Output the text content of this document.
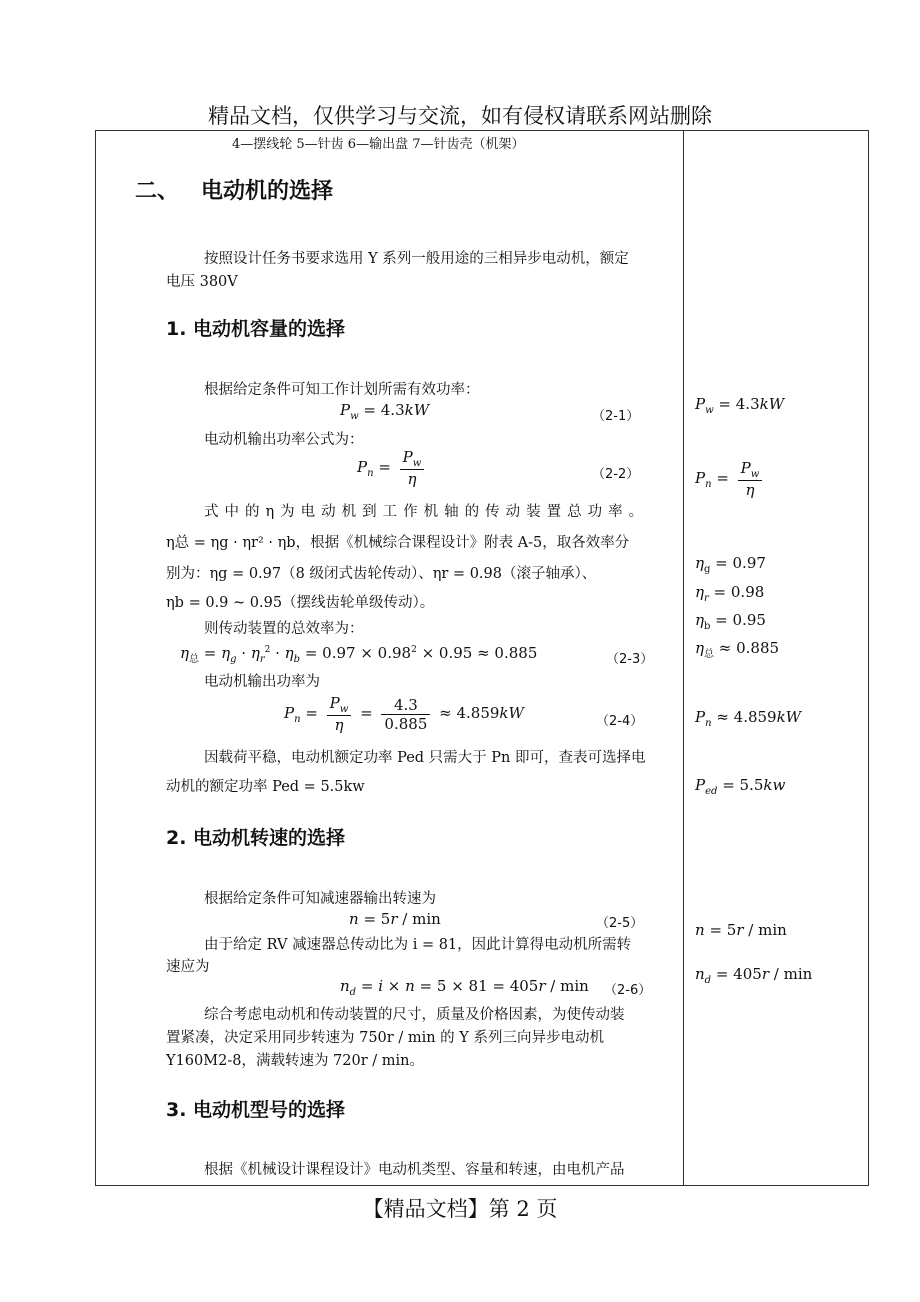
精品文档，仅供学习与交流，如有侵权请联系网站删除
4—摆线轮 5—针齿 6—输出盘 7—针齿壳（机架）
二、 电动机的选择
按照设计任务书要求选用 Y 系列一般用途的三相异步电动机，额定
电压 380V
1. 电动机容量的选择
根据给定条件可知工作计划所需有效功率：
$P_w = 4.3kW$	（2-1）
电动机输出功率公式为：
$P_n = \frac{P_w}{\eta}$	（2-2）
式中的η为电动机到工作机轴的传动装置总功率。
η总 = ηg · ηr² · ηb，根据《机械综合课程设计》附表 A-5，取各效率分
别为：ηg = 0.97（8 级闭式齿轮传动）、ηr = 0.98（滚子轴承）、
ηb = 0.9 ~ 0.95（摆线齿轮单级传动）。
则传动装置的总效率为：
$\eta_总 = \eta_g \cdot \eta_r^2 \cdot \eta_b = 0.97 \times 0.98^2 \times 0.95 \approx 0.885$	（2-3）
电动机输出功率为
$P_n = \frac{P_w}{\eta} = \frac{4.3}{0.885} \approx 4.859kW$	（2-4）
因载荷平稳，电动机额定功率 Ped 只需大于 Pn 即可，查表可选择电
动机的额定功率 Ped = 5.5kw
2. 电动机转速的选择
根据给定条件可知减速器输出转速为
n = 5r / min	（2-5）
由于给定 RV 减速器总传动比为 i = 81，因此计算得电动机所需转
速应为
$n_d = i \times n = 5 \times 81 = 405r / \min (2-6)$
综合考虑电动机和传动装置的尺寸，质量及价格因素，为使传动装
置紧凑，决定采用同步转速为 750r / min 的 Y 系列三向异步电动机
Y160M2-8，满载转速为 720r / min。
3. 电动机型号的选择
根据《机械设计课程设计》电动机类型、容量和转速，由电机产品
$P_w = 4.3kW$
$P_n = \frac{P_w}{\eta}$
$\eta_g = 0.97$
$\eta_r = 0.98$
$\eta_b = 0.95$
$\eta_总 \approx 0.885$
$P_n \approx 4.859kW$
$P_{ed} = 5.5kw$
n = 5r / min
$n_d = 405r / \min$
【精品文档】第 2 页
